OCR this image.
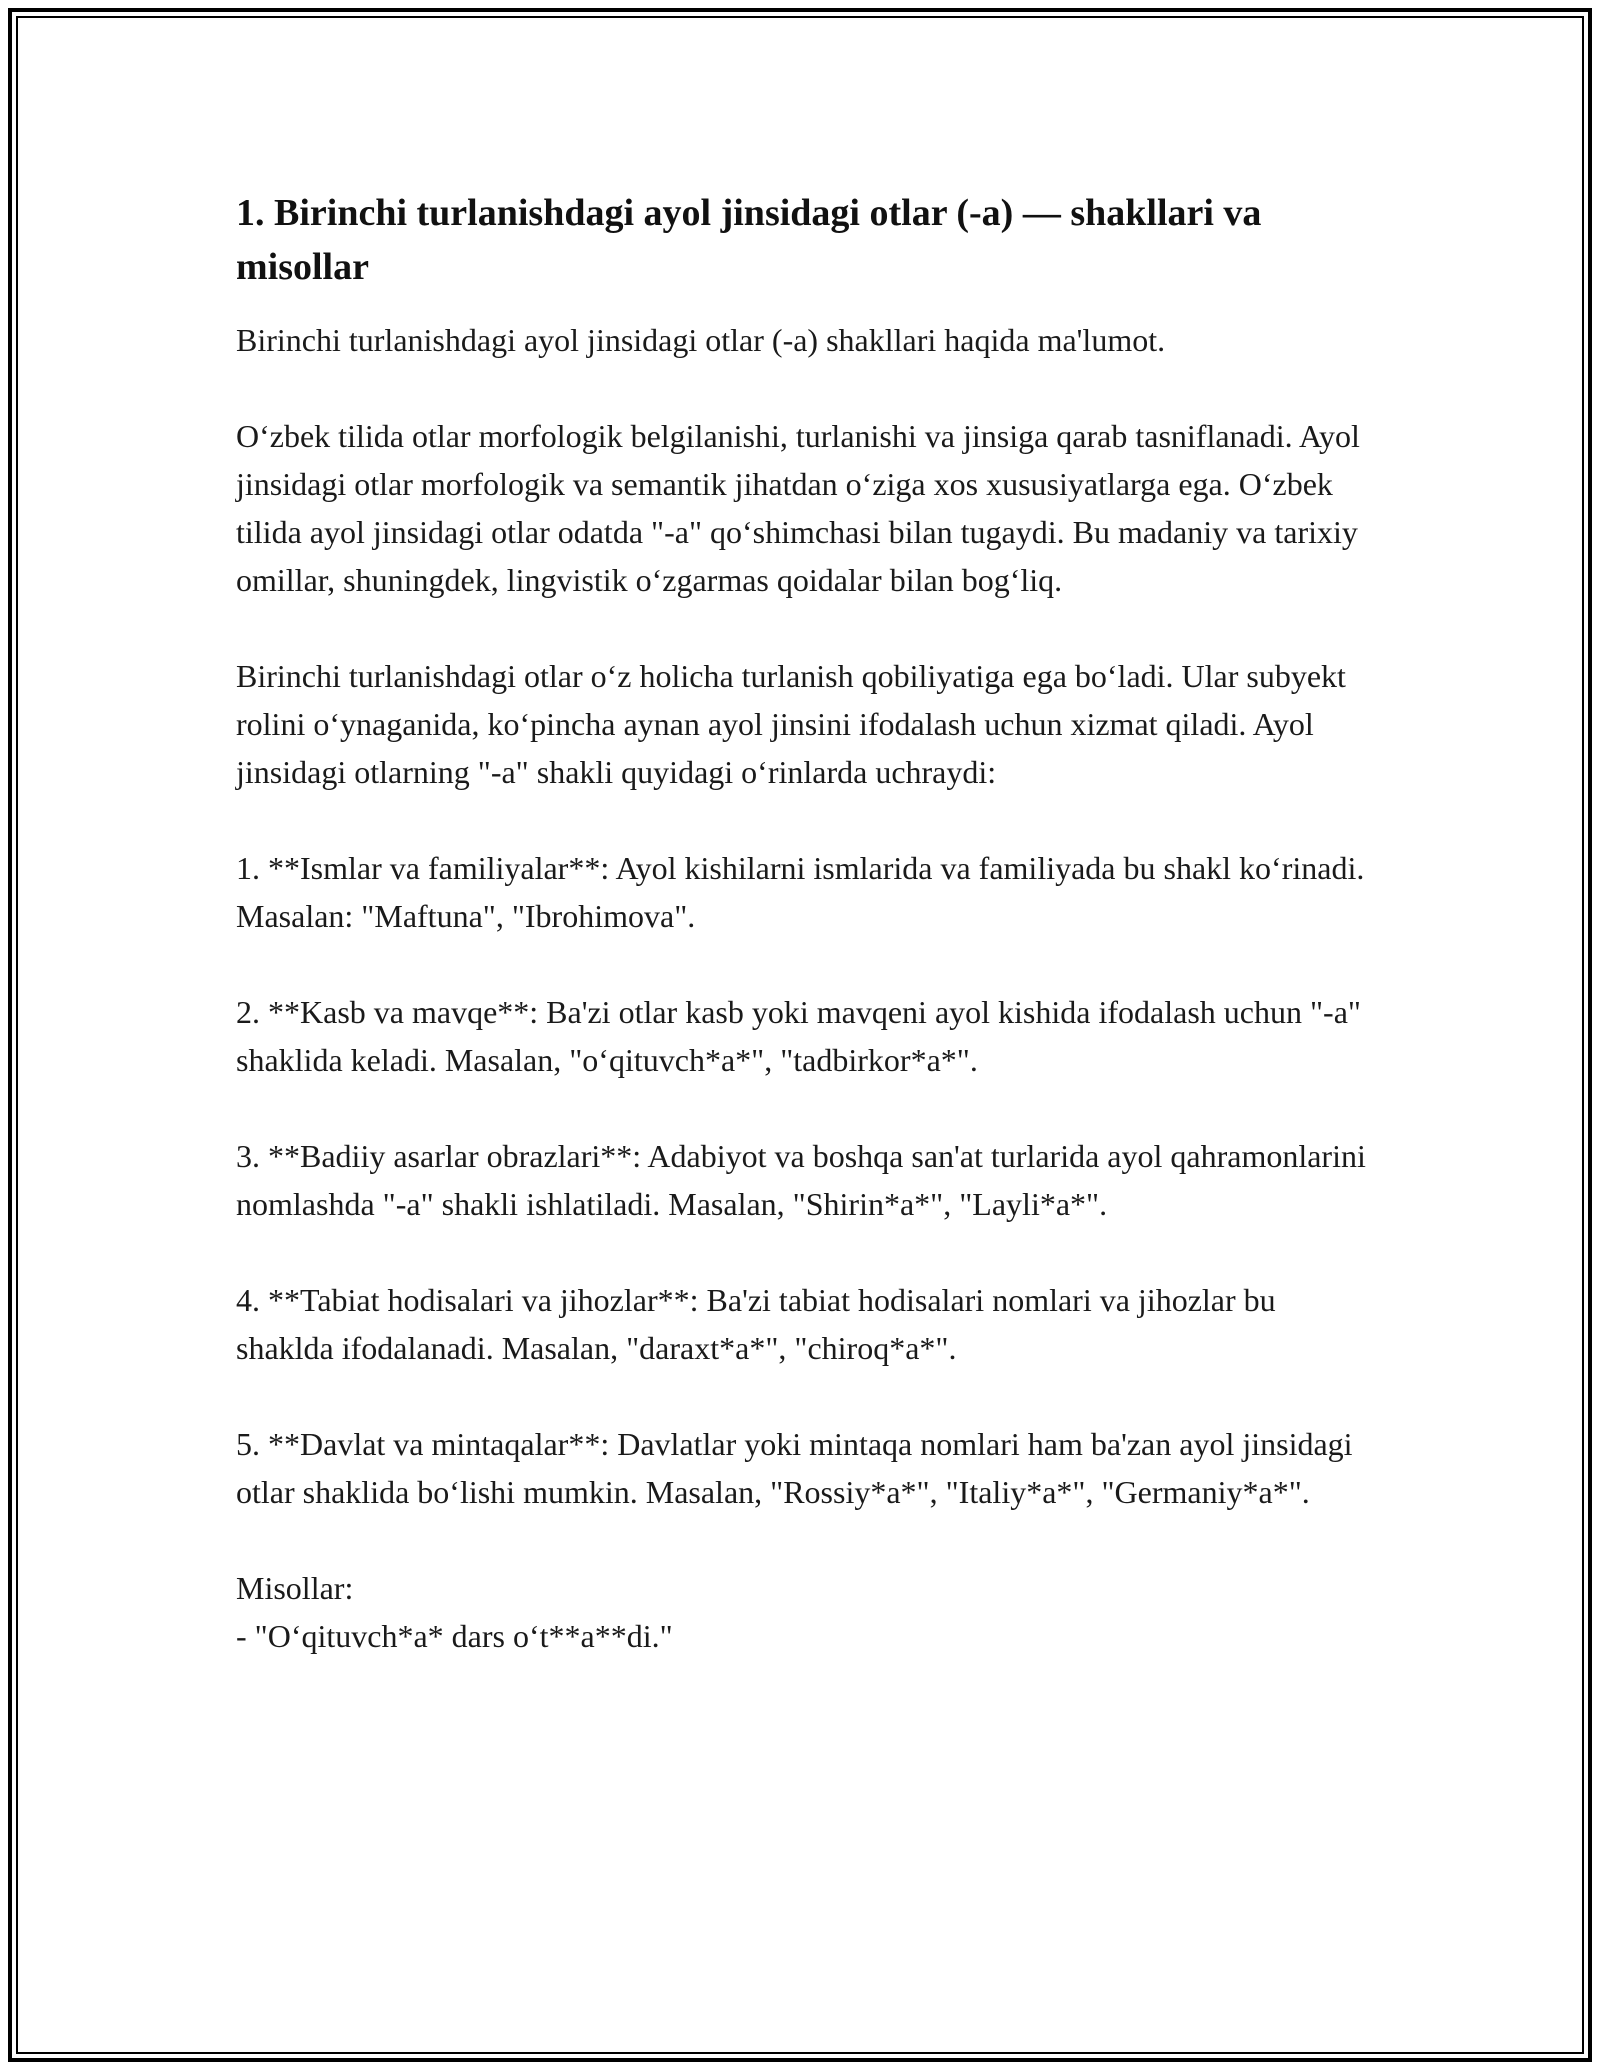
1. Birinchi turlanishdagi ayol jinsidagi otlar (-a) — shakllari va misollar

Birinchi turlanishdagi ayol jinsidagi otlar (-a) shakllari haqida ma'lumot.

O‘zbek tilida otlar morfologik belgilanishi, turlanishi va jinsiga qarab tasniflanadi. Ayol jinsidagi otlar morfologik va semantik jihatdan o‘ziga xos xususiyatlarga ega. O‘zbek tilida ayol jinsidagi otlar odatda "-a" qo‘shimchasi bilan tugaydi. Bu madaniy va tarixiy omillar, shuningdek, lingvistik o‘zgarmas qoidalar bilan bog‘liq.

Birinchi turlanishdagi otlar o‘z holicha turlanish qobiliyatiga ega bo‘ladi. Ular subyekt rolini o‘ynaganida, ko‘pincha aynan ayol jinsini ifodalash uchun xizmat qiladi. Ayol jinsidagi otlarning "-a" shakli quyidagi o‘rinlarda uchraydi:

1. **Ismlar va familiyalar**: Ayol kishilarni ismlarida va familiyada bu shakl ko‘rinadi. Masalan: "Maftuna", "Ibrohimova".

2. **Kasb va mavqe**: Ba'zi otlar kasb yoki mavqeni ayol kishida ifodalash uchun "-a" shaklida keladi. Masalan, "o‘qituvch*a*", "tadbirkor*a*".

3. **Badiiy asarlar obrazlari**: Adabiyot va boshqa san'at turlarida ayol qahramonlarini nomlashda "-a" shakli ishlatiladi. Masalan, "Shirin*a*", "Layli*a*".

4. **Tabiat hodisalari va jihozlar**: Ba'zi tabiat hodisalari nomlari va jihozlar bu shaklda ifodalanadi. Masalan, "daraxt*a*", "chiroq*a*".

5. **Davlat va mintaqalar**: Davlatlar yoki mintaqa nomlari ham ba'zan ayol jinsidagi otlar shaklida bo‘lishi mumkin. Masalan, "Rossiy*a*", "Italiy*a*", "Germaniy*a*".

Misollar:

- "O‘qituvch*a* dars o‘t**a**di."
